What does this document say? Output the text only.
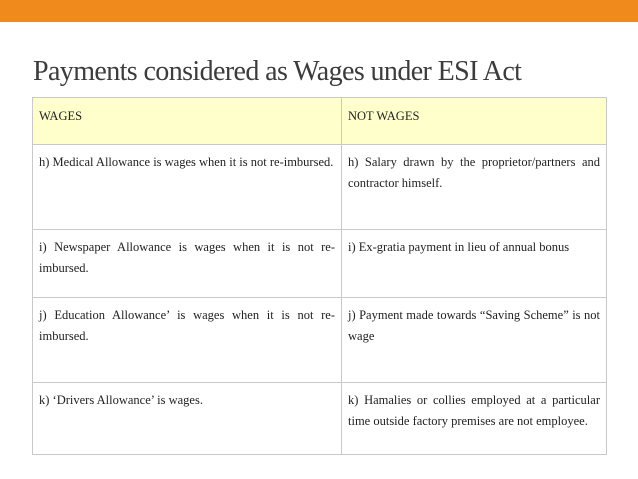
Payments considered as Wages under ESI Act
WAGES	NOT WAGES
h) Medical Allowance is wages when it is not re-imbursed.	h) Salary drawn by the proprietor/partners and contractor himself.
i) Newspaper Allowance is wages when it is not re-imbursed.	i) Ex-gratia payment in lieu of annual bonus
j) Education Allowance’ is wages when it is not re-imbursed.	j) Payment made towards “Saving Scheme” is not wage
k) ‘Drivers Allowance’ is wages.	k) Hamalies or collies employed at a particular time outside factory premises are not employee.
